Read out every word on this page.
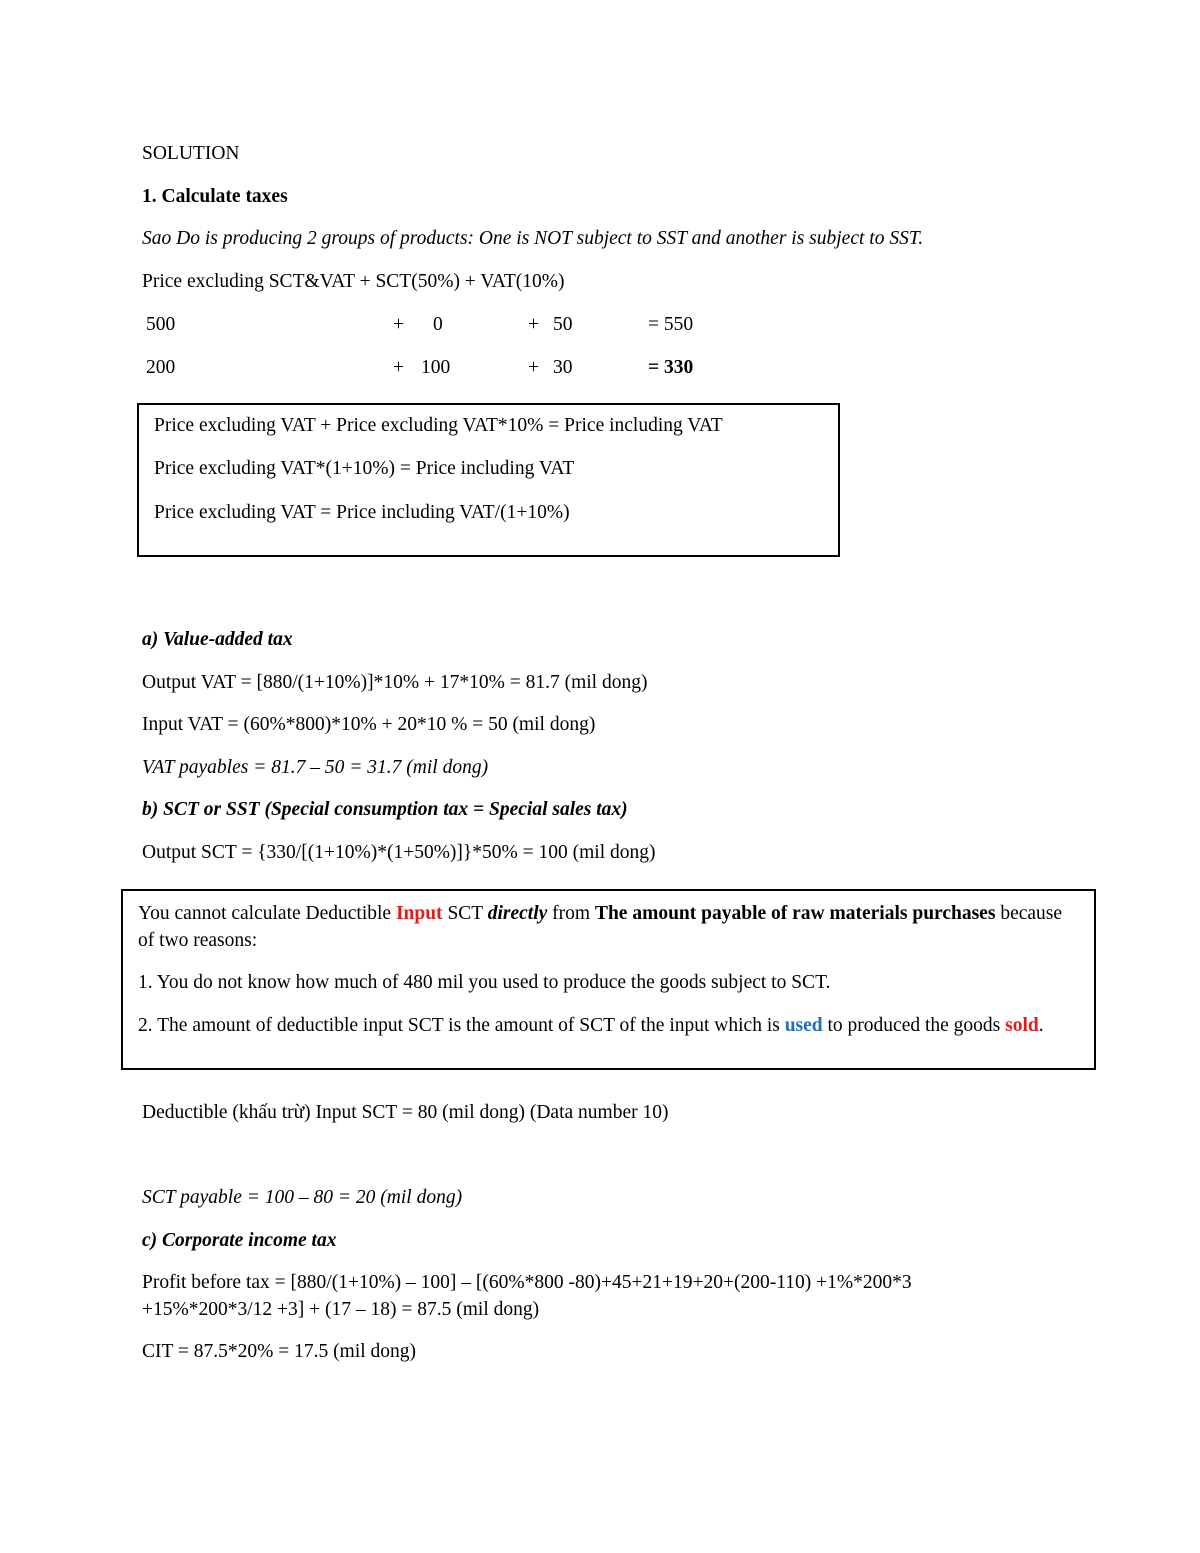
SOLUTION
1. Calculate taxes
Sao Do is producing 2 groups of products: One is NOT subject to SST and another is subject to SST.
Price excluding SCT&VAT + SCT(50%) + VAT(10%)
500	+ 0	+ 50	= 550
200	+ 100	+ 30	= 330
Price excluding VAT + Price excluding VAT*10% = Price including VAT
Price excluding VAT*(1+10%) = Price including VAT
Price excluding VAT = Price including VAT/(1+10%)
a) Value-added tax
Output VAT = [880/(1+10%)]*10% + 17*10% = 81.7 (mil dong)
Input VAT = (60%*800)*10% + 20*10 % = 50 (mil dong)
VAT payables = 81.7 – 50 = 31.7 (mil dong)
b) SCT or SST (Special consumption tax = Special sales tax)
Output SCT = {330/[(1+10%)*(1+50%)]}*50% = 100 (mil dong)
You cannot calculate Deductible Input SCT directly from The amount payable of raw materials purchases because of two reasons:
1. You do not know how much of 480 mil you used to produce the goods subject to SCT.
2. The amount of deductible input SCT is the amount of SCT of the input which is used to produced the goods sold.
Deductible (khấu trừ) Input SCT = 80 (mil dong) (Data number 10)
SCT payable = 100 – 80 = 20 (mil dong)
c) Corporate income tax
Profit before tax = [880/(1+10%) – 100] – [(60%*800 -80)+45+21+19+20+(200-110) +1%*200*3
+15%*200*3/12 +3] + (17 – 18) = 87.5 (mil dong)
CIT = 87.5*20% = 17.5 (mil dong)
